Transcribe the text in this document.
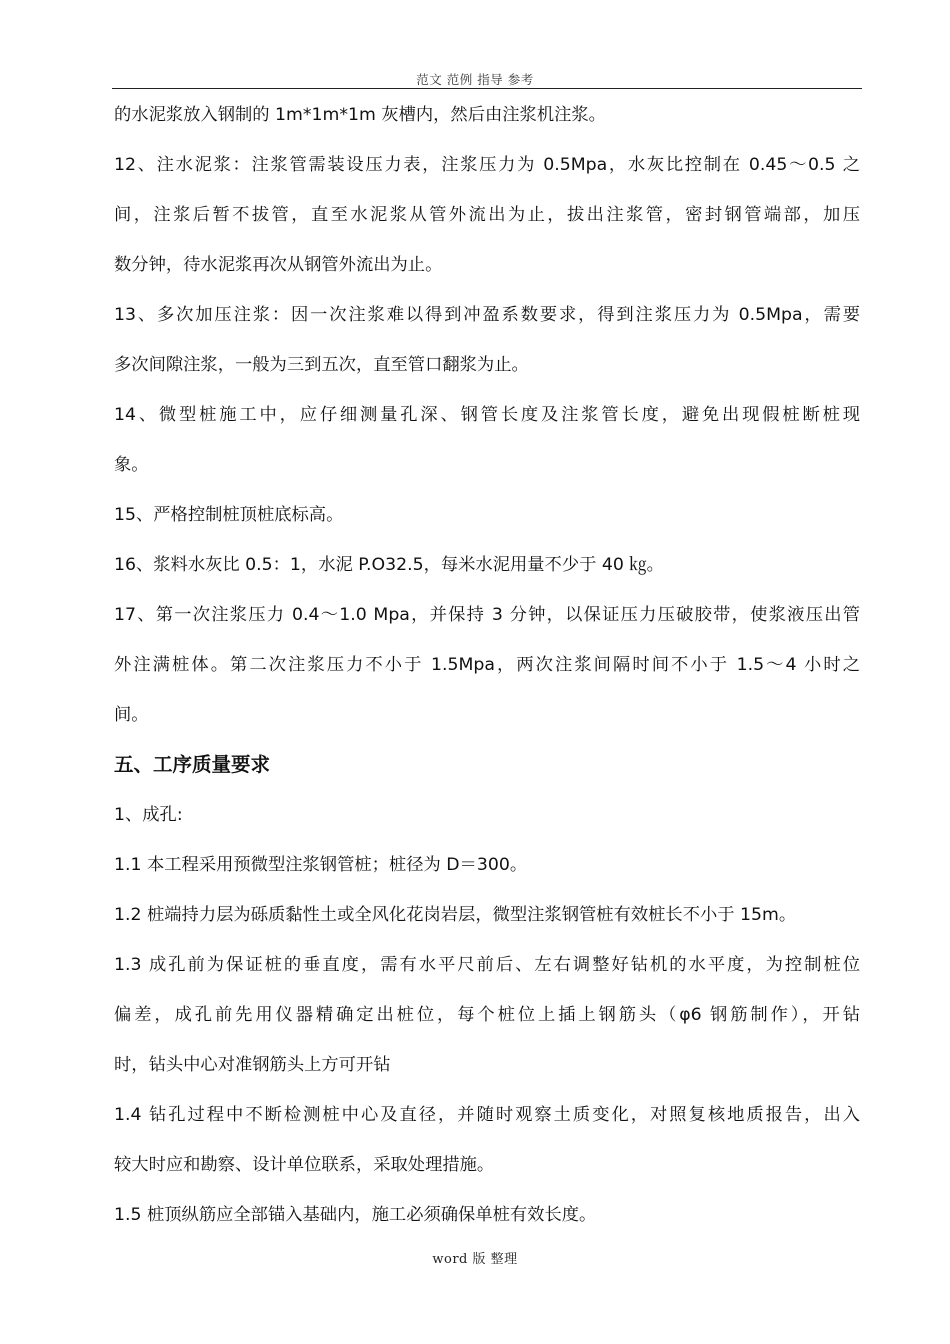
范文 范例 指导 参考
的水泥浆放入钢制的 1m*1m*1m 灰槽内，然后由注浆机注浆。
12、注水泥浆：注浆管需装设压力表，注浆压力为 0.5Mpa，水灰比控制在 0.45～0.5 之
间，注浆后暂不拔管，直至水泥浆从管外流出为止，拔出注浆管，密封钢管端部，加压
数分钟，待水泥浆再次从钢管外流出为止。
13、多次加压注浆：因一次注浆难以得到冲盈系数要求，得到注浆压力为 0.5Mpa，需要
多次间隙注浆，一般为三到五次，直至管口翻浆为止。
14、微型桩施工中，应仔细测量孔深、钢管长度及注浆管长度，避免出现假桩断桩现
象。
15、严格控制桩顶桩底标高。
16、浆料水灰比 0.5：1，水泥 P.O32.5，每米水泥用量不少于 40 ㎏。
17、第一次注浆压力 0.4～1.0 Mpa，并保持 3 分钟，以保证压力压破胶带，使浆液压出管
外注满桩体。第二次注浆压力不小于 1.5Mpa，两次注浆间隔时间不小于 1.5～4 小时之
间。
五、工序质量要求
1、成孔:
1.1 本工程采用预微型注浆钢管桩；桩径为 D＝300。
1.2 桩端持力层为砾质黏性土或全风化花岗岩层，微型注浆钢管桩有效桩长不小于 15m。
1.3 成孔前为保证桩的垂直度，需有水平尺前后、左右调整好钻机的水平度，为控制桩位
偏差，成孔前先用仪器精确定出桩位，每个桩位上插上钢筋头（φ6 钢筋制作），开钻
时，钻头中心对准钢筋头上方可开钻
1.4 钻孔过程中不断检测桩中心及直径，并随时观察土质变化，对照复核地质报告，出入
较大时应和勘察、设计单位联系，采取处理措施。
1.5 桩顶纵筋应全部锚入基础内，施工必须确保单桩有效长度。
word 版 整理
